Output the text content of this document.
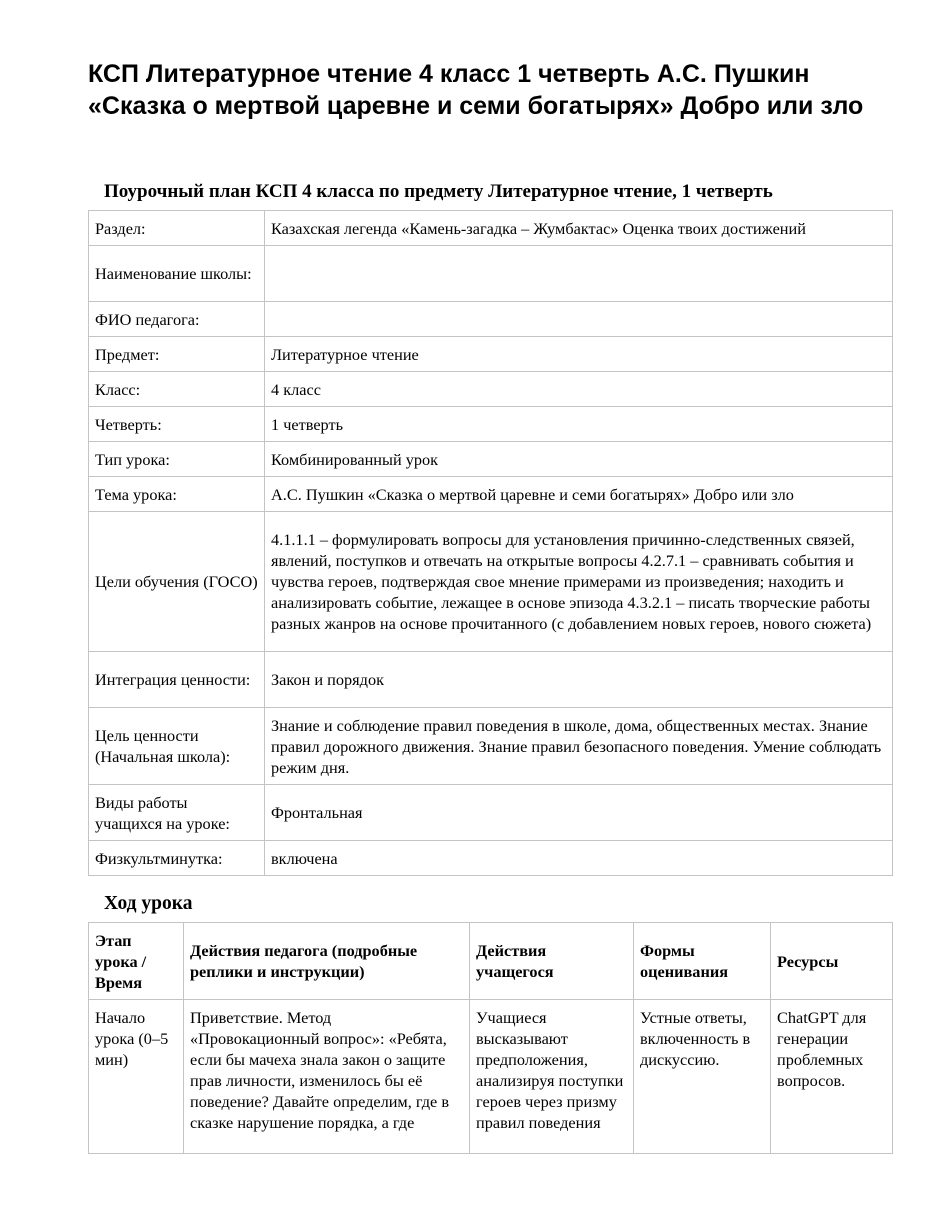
КСП Литературное чтение 4 класс 1 четверть А.С. Пушкин «Сказка о мертвой царевне и семи богатырях» Добро или зло
Поурочный план КСП 4 класса по предмету Литературное чтение, 1 четверть
Раздел:	Казахская легенда «Камень-загадка – Жумбактас» Оценка твоих достижений
Наименование школы:	
ФИО педагога:	
Предмет:	Литературное чтение
Класс:	4 класс
Четверть:	1 четверть
Тип урока:	Комбинированный урок
Тема урока:	А.С. Пушкин «Сказка о мертвой царевне и семи богатырях» Добро или зло
Цели обучения (ГОСО)	4.1.1.1 – формулировать вопросы для установления причинно-следственных связей, явлений, поступков и отвечать на открытые вопросы 4.2.7.1 – сравнивать события и чувства героев, подтверждая свое мнение примерами из произведения; находить и анализировать событие, лежащее в основе эпизода 4.3.2.1 – писать творческие работы разных жанров на основе прочитанного (с добавлением новых героев, нового сюжета)
Интеграция ценности:	Закон и порядок
Цель ценности (Начальная школа):	Знание и соблюдение правил поведения в школе, дома, общественных местах. Знание правил дорожного движения. Знание правил безопасного поведения. Умение соблюдать режим дня.
Виды работы учащихся на уроке:	Фронтальная
Физкультминутка:	включена
Ход урока
Этап урока / Время	Действия педагога (подробные реплики и инструкции)	Действия учащегося	Формы оценивания	Ресурсы

Начало урока (0–5 мин)	Приветствие. Метод «Провокационный вопрос»: «Ребята, если бы мачеха знала закон о защите прав личности, изменилось бы её поведение? Давайте определим, где в сказке нарушение порядка, а где	Учащиеся высказывают предположения, анализируя поступки героев через призму правил поведения	Устные ответы, включенность в дискуссию.	ChatGPT для генерации проблемных вопросов.
